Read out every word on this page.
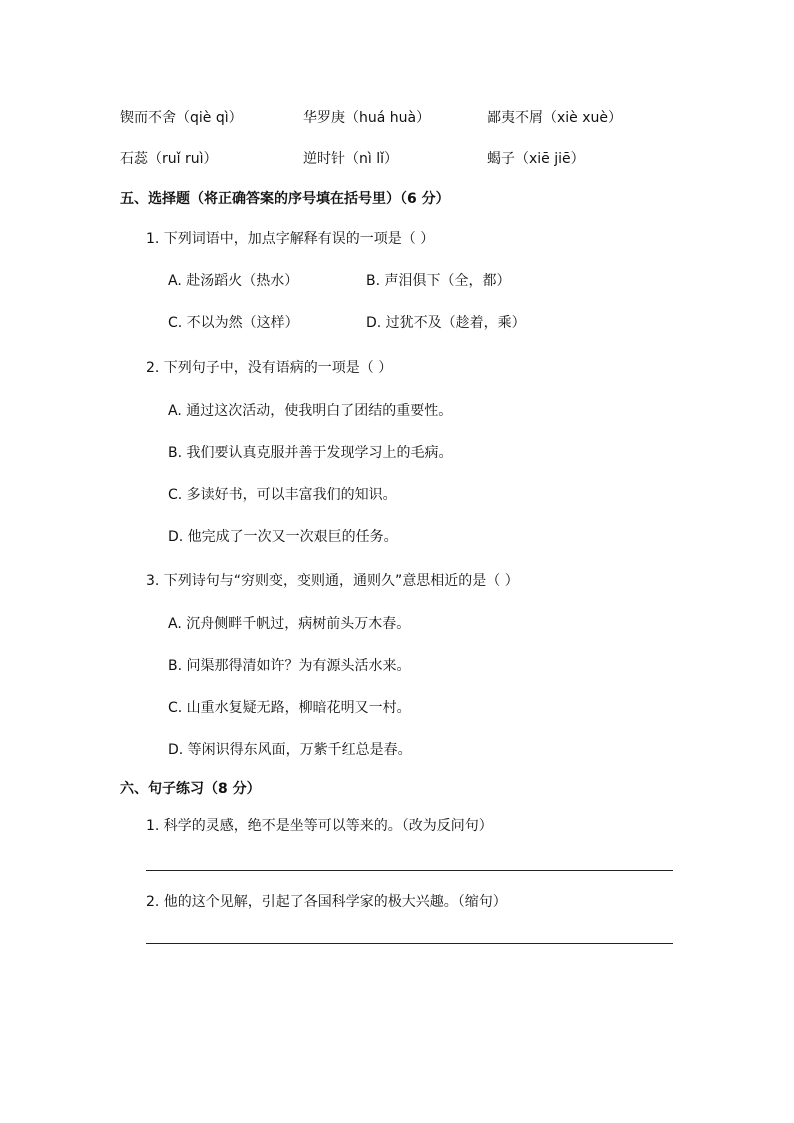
锲而不舍（qiè qì）	华罗庚（huá huà）	鄙夷不屑（xiè xuè）
石蕊（ruǐ ruì）	逆时针（nì lǐ）	蝎子（xiē jiē）
五、选择题（将正确答案的序号填在括号里）（6 分）
1. 下列词语中，加点字解释有误的一项是（ ）
A. 赴汤蹈火（热水）	B. 声泪俱下（全，都）
C. 不以为然（这样）	D. 过犹不及（趁着，乘）
2. 下列句子中，没有语病的一项是（ ）
A. 通过这次活动，使我明白了团结的重要性。
B. 我们要认真克服并善于发现学习上的毛病。
C. 多读好书，可以丰富我们的知识。
D. 他完成了一次又一次艰巨的任务。
3. 下列诗句与“穷则变，变则通，通则久”意思相近的是（ ）
A. 沉舟侧畔千帆过，病树前头万木春。
B. 问渠那得清如许？为有源头活水来。
C. 山重水复疑无路，柳暗花明又一村。
D. 等闲识得东风面，万紫千红总是春。
六、句子练习（8 分）
1. 科学的灵感，绝不是坐等可以等来的。（改为反问句）
2. 他的这个见解，引起了各国科学家的极大兴趣。（缩句）
